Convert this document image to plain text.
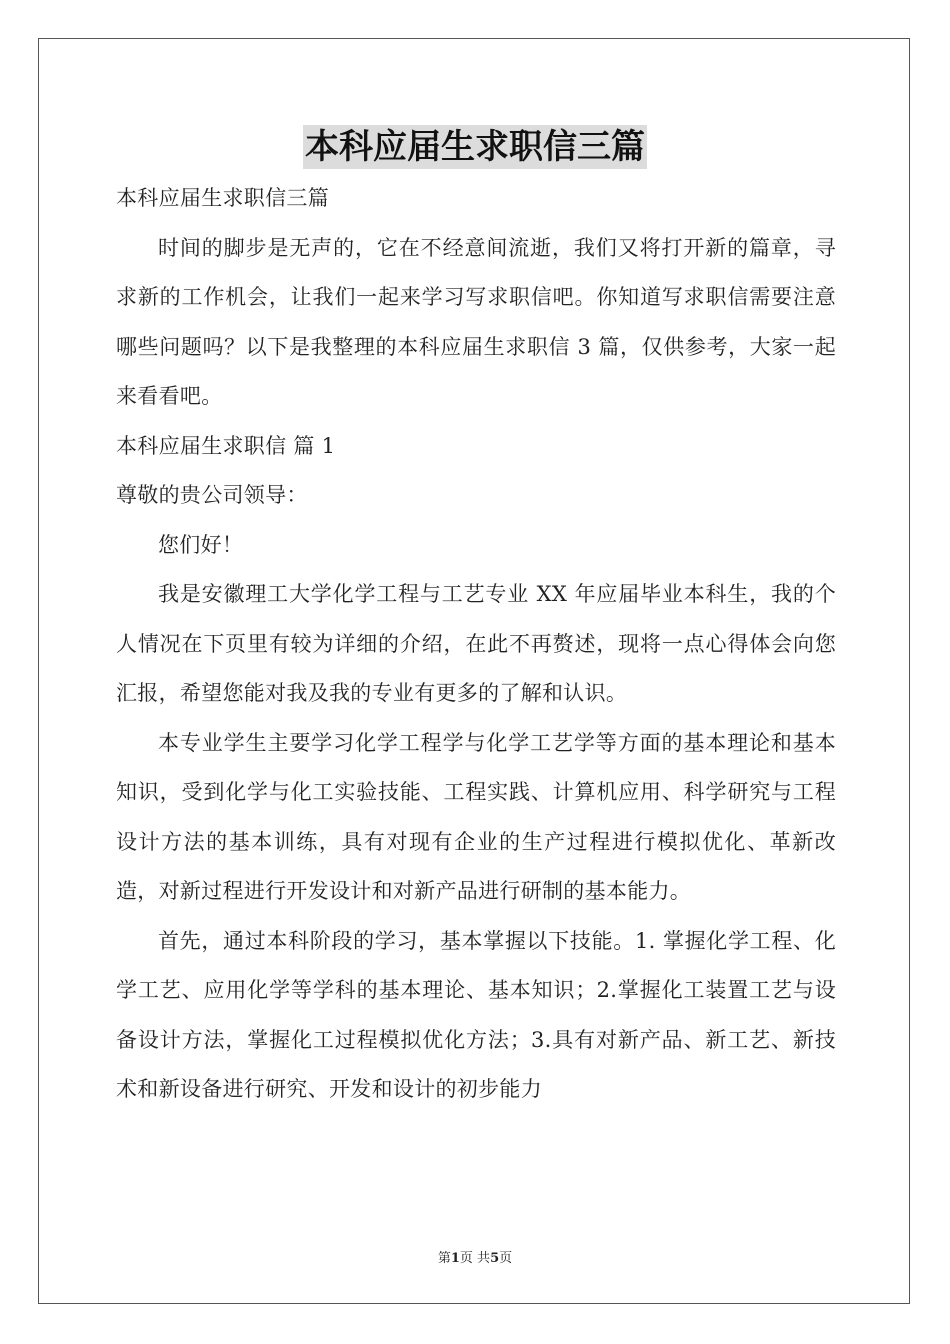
本科应届生求职信三篇

本科应届生求职信三篇

时间的脚步是无声的，它在不经意间流逝，我们又将打开新的篇章，寻求新的工作机会，让我们一起来学习写求职信吧。你知道写求职信需要注意哪些问题吗？以下是我整理的本科应届生求职信 3 篇，仅供参考，大家一起来看看吧。

本科应届生求职信 篇 1

尊敬的贵公司领导：

您们好！

我是安徽理工大学化学工程与工艺专业 XX 年应届毕业本科生，我的个人情况在下页里有较为详细的介绍，在此不再赘述，现将一点心得体会向您汇报，希望您能对我及我的专业有更多的了解和认识。

本专业学生主要学习化学工程学与化学工艺学等方面的基本理论和基本知识，受到化学与化工实验技能、工程实践、计算机应用、科学研究与工程设计方法的基本训练，具有对现有企业的生产过程进行模拟优化、革新改造，对新过程进行开发设计和对新产品进行研制的基本能力。

首先，通过本科阶段的学习，基本掌握以下技能。1. 掌握化学工程、化学工艺、应用化学等学科的基本理论、基本知识；2.掌握化工装置工艺与设备设计方法，掌握化工过程模拟优化方法；3.具有对新产品、新工艺、新技术和新设备进行研究、开发和设计的初步能力

第1页 共5页
